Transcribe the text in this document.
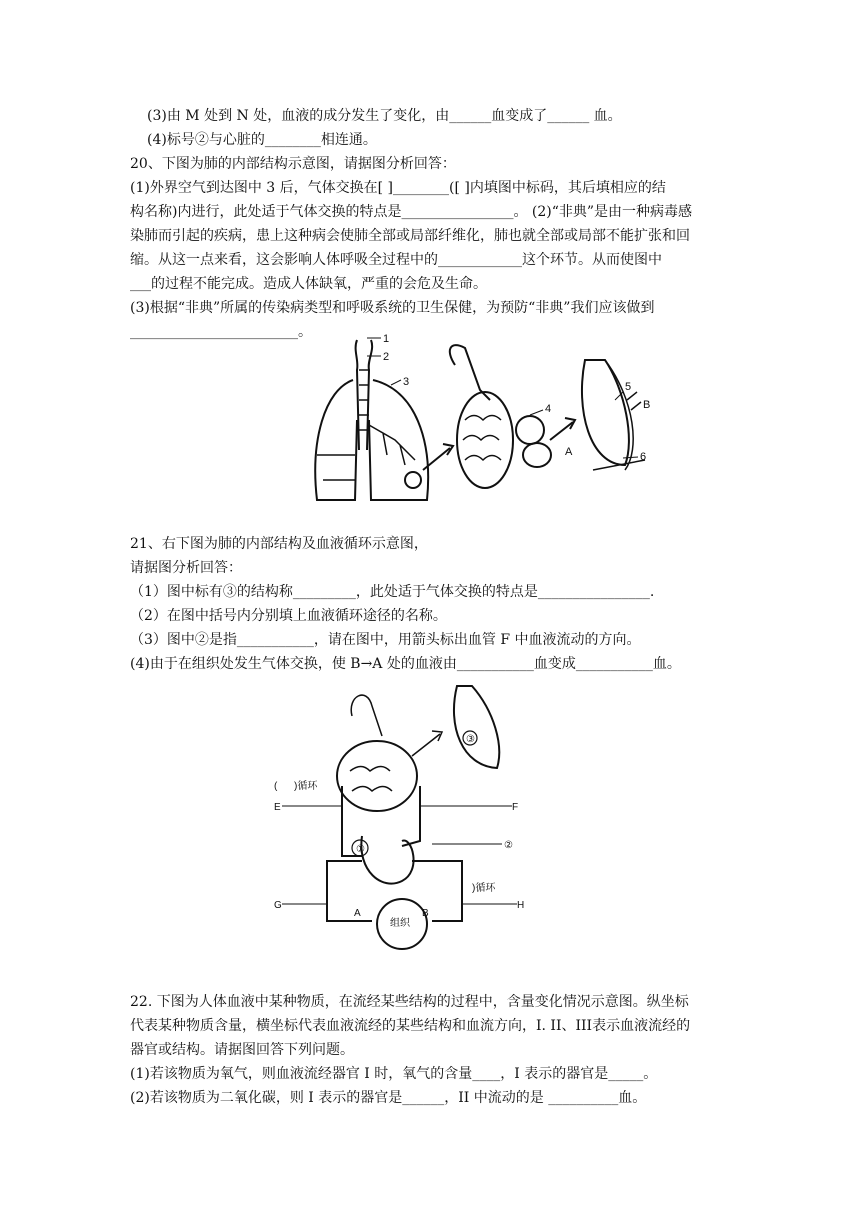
(3)由 M 处到 N 处，血液的成分发生了变化，由______血变成了______ 血。
(4)标号②与心脏的________相连通。
20、下图为肺的内部结构示意图，请据图分析回答：
(1)外界空气到达图中 3 后，气体交换在[ ]________([ ]内填图中标码，其后填相应的结
构名称)内进行，此处适于气体交换的特点是________________。 (2)“非典”是由一种病毒感
染肺而引起的疾病，患上这种病会使肺全部或局部纤维化，肺也就全部或局部不能扩张和回
缩。从这一点来看，这会影响人体呼吸全过程中的____________这个环节。从而使图中
___的过程不能完成。造成人体缺氧，严重的会危及生命。
(3)根据“非典”所属的传染病类型和呼吸系统的卫生保健，为预防“非典”我们应该做到
________________________。	1
2
3
4
5
6
A
B
21、右下图为肺的内部结构及血液循环示意图，
请据图分析回答：
（1）图中标有③的结构称_________，此处适于气体交换的特点是________________.
（2）在图中括号内分别填上血液循环途径的名称。
（3）图中②是指___________，请在图中，用箭头标出血管 F 中血液流动的方向。
(4)由于在组织处发生气体交换，使 B→A 处的血液由___________血变成___________血。
( )循环
E	F
②
①
)循环
G
A
组织
B
H
③
22. 下图为人体血液中某种物质，在流经某些结构的过程中，含量变化情况示意图。纵坐标
代表某种物质含量，横坐标代表血液流经的某些结构和血流方向，I. II、III表示血液流经的
器官或结构。请据图回答下列问题。
(1)若该物质为氧气，则血液流经器官 I 时，氧气的含量____，I 表示的器官是_____。
(2)若该物质为二氧化碳，则 I 表示的器官是______，II 中流动的是 __________血。
